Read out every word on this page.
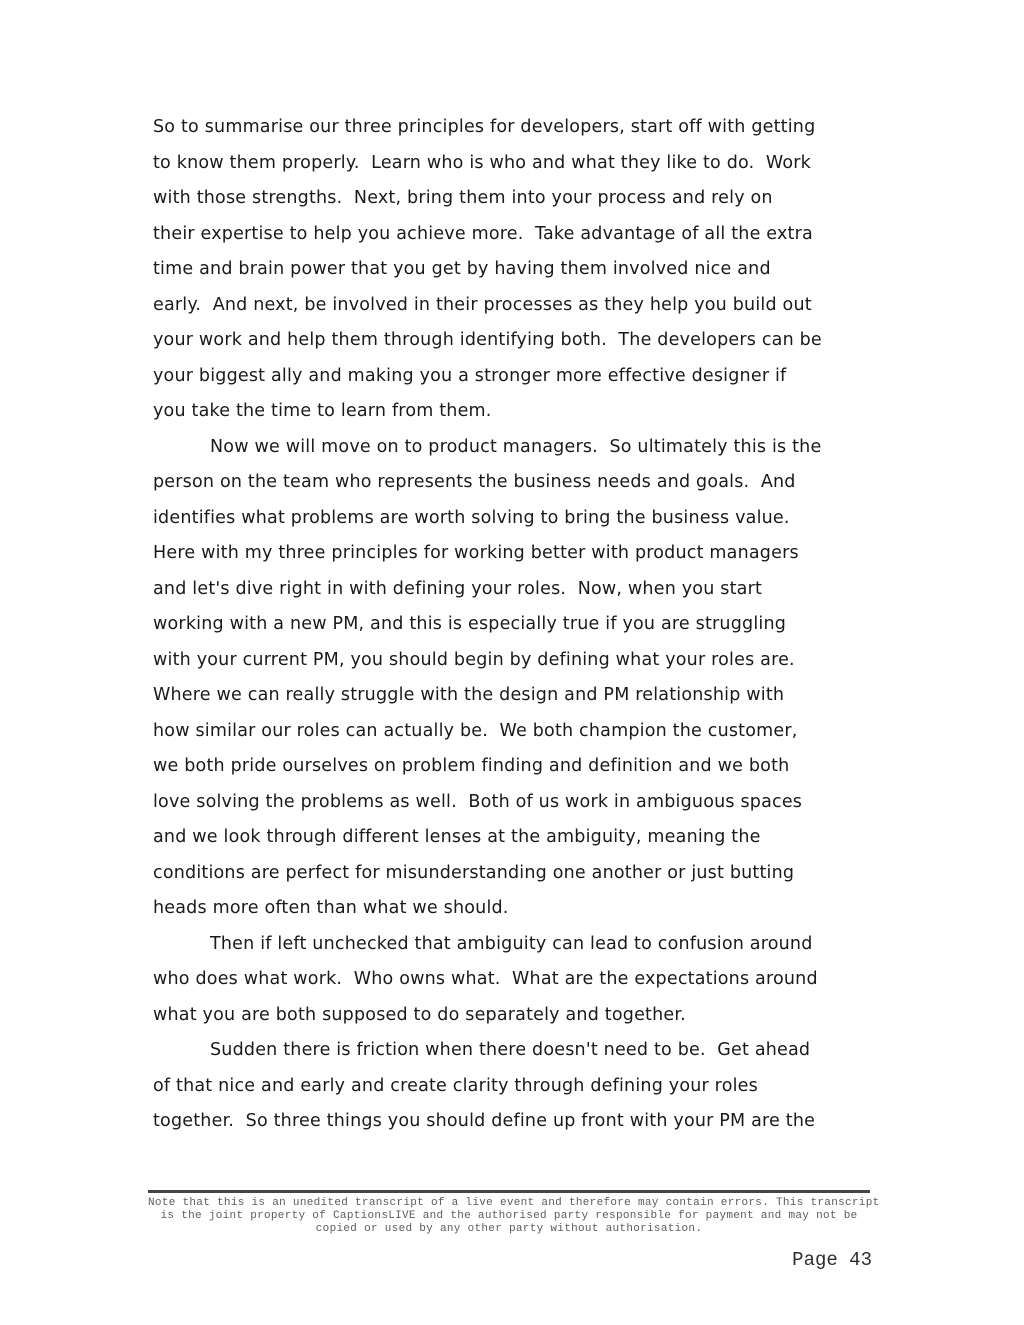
So to summarise our three principles for developers, start off with getting
to know them properly.  Learn who is who and what they like to do.  Work
with those strengths.  Next, bring them into your process and rely on
their expertise to help you achieve more.  Take advantage of all the extra
time and brain power that you get by having them involved nice and
early.  And next, be involved in their processes as they help you build out
your work and help them through identifying both.  The developers can be
your biggest ally and making you a stronger more effective designer if
you take the time to learn from them.
Now we will move on to product managers.  So ultimately this is the
person on the team who represents the business needs and goals.  And
identifies what problems are worth solving to bring the business value.
Here with my three principles for working better with product managers
and let's dive right in with defining your roles.  Now, when you start
working with a new PM, and this is especially true if you are struggling
with your current PM, you should begin by defining what your roles are.
Where we can really struggle with the design and PM relationship with
how similar our roles can actually be.  We both champion the customer,
we both pride ourselves on problem finding and definition and we both
love solving the problems as well.  Both of us work in ambiguous spaces
and we look through different lenses at the ambiguity, meaning the
conditions are perfect for misunderstanding one another or just butting
heads more often than what we should.
Then if left unchecked that ambiguity can lead to confusion around
who does what work.  Who owns what.  What are the expectations around
what you are both supposed to do separately and together.
Sudden there is friction when there doesn't need to be.  Get ahead
of that nice and early and create clarity through defining your roles
together.  So three things you should define up front with your PM are the
Note that this is an unedited transcript of a live event and therefore may contain errors. This transcript
is the joint property of CaptionsLIVE and the authorised party responsible for payment and may not be
copied or used by any other party without authorisation.
Page 43
